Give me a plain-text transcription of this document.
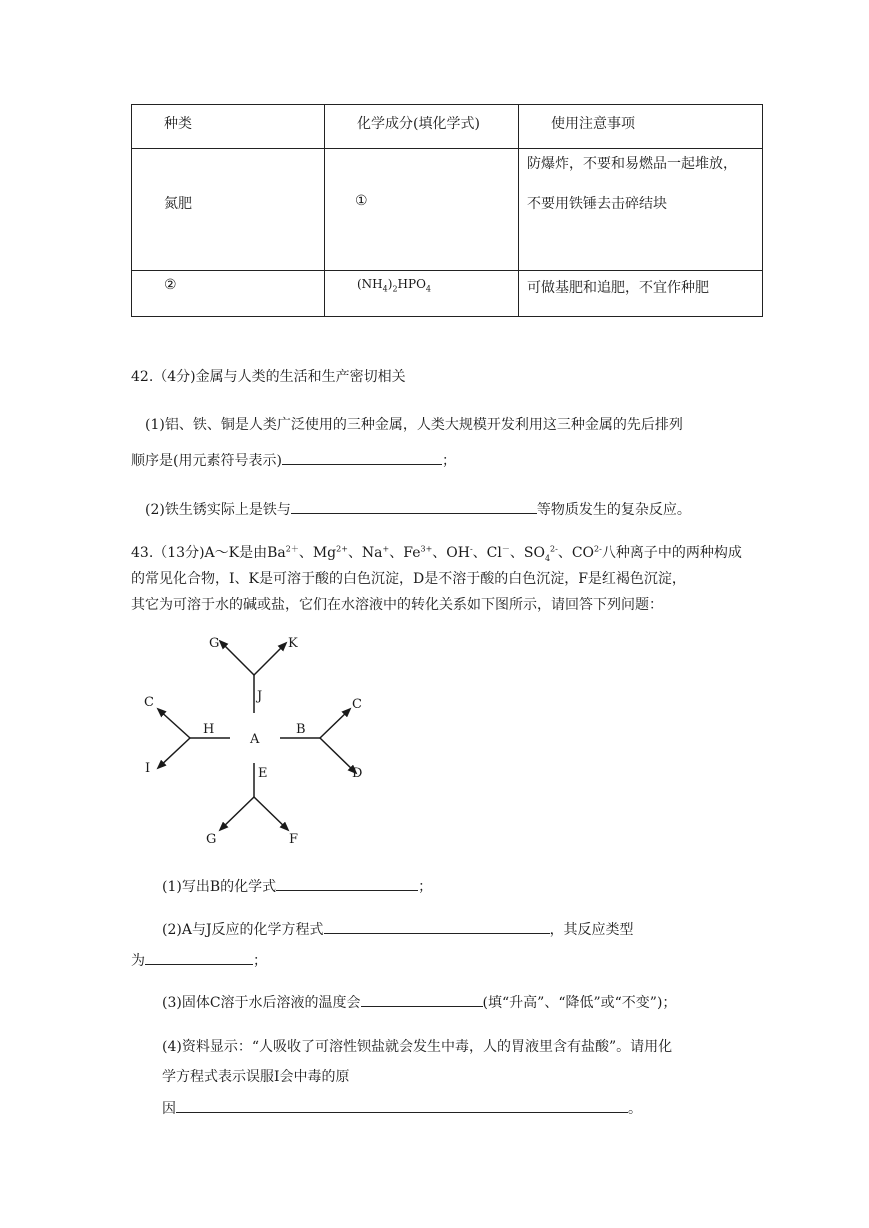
种类	化学成分(填化学式)	使用注意事项

氮肥	①	防爆炸，不要和易燃品一起堆放，
不要用铁锤去击碎结块

②	$(NH_4)_2HPO_4$	可做基肥和追肥，不宜作种肥
42.（4分)金属与人类的生活和生产密切相关
(1)铝、铁、铜是人类广泛使用的三种金属，人类大规模开发利用这三种金属的先后排列
顺序是(用元素符号表示)	；
(2)铁生锈实际上是铁与	等物质发生的复杂反应。
43.（13分)A～K是由$Ba^{2+}$、$Mg^{2+}$、Na+、$Fe^{3+}$、OH-、Cl－、$SO_4^{2-}$、$CO^{2-}$八种离子中的两种构成
的常见化合物，I、K是可溶于酸的白色沉淀，D是不溶于酸的白色沉淀，F是红褐色沉淀，
其它为可溶于水的碱或盐，它们在水溶液中的转化关系如下图所示，请回答下列问题：
A
J
G	K
H
C
I
B
C
D
E
G	F
(1)写出B的化学式	；
(2)A与J反应的化学方程式	，其反应类型
为	；
(3)固体C溶于水后溶液的温度会	(填“升高”、“降低”或“不变”)；
(4)资料显示：“人吸收了可溶性钡盐就会发生中毒，人的胃液里含有盐酸”。请用化
学方程式表示误服I会中毒的原
因	。
